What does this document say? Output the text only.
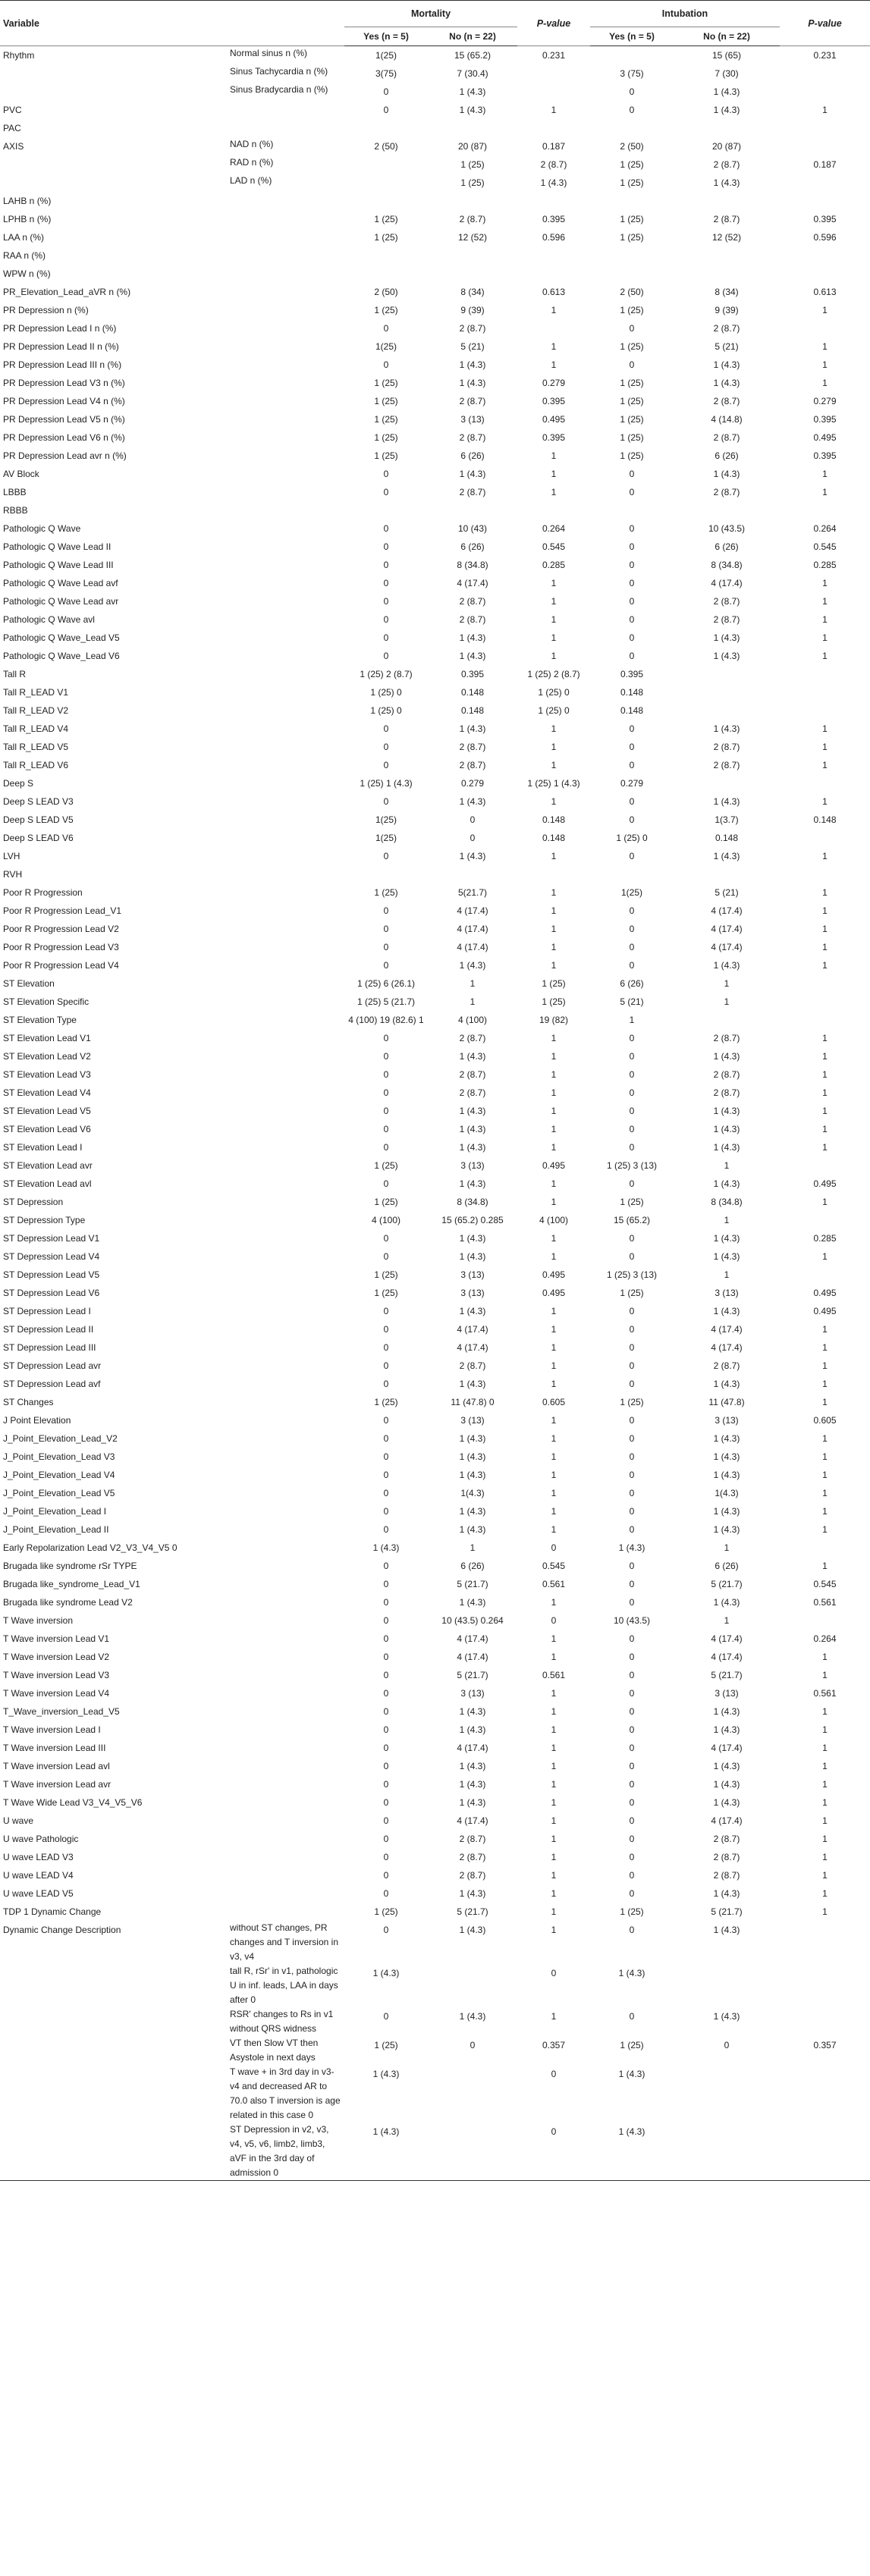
Variable		Mortality		P-value	Intubation		P-value
		Yes (n = 5)	No (n = 22)		Yes (n = 5)	No (n = 22)	
Rhythm	Normal sinus n (%)	1(25)	15 (65.2)	0.231		15 (65)	0.231
	Sinus Tachycardia n (%)	3(75)	7 (30.4)		3 (75)	7 (30)	
	Sinus Bradycardia n (%)	0	1 (4.3)		0	1 (4.3)	
PVC		0	1 (4.3)	1	0	1 (4.3)	1
PAC							
AXIS	NAD n (%)	2 (50)	20 (87)	0.187	2 (50)	20 (87)	
	RAD n (%)		1 (25)	2 (8.7)	1 (25)	2 (8.7)	0.187
	LAD n (%)		1 (25)	1 (4.3)	1 (25)	1 (4.3)	
LAHB n (%)							
LPHB n (%)		1 (25)	2 (8.7)	0.395	1 (25)	2 (8.7)	0.395
LAA n (%)		1 (25)	12 (52)	0.596	1 (25)	12 (52)	0.596
RAA n (%)							
WPW n (%)							
PR_Elevation_Lead_aVR n (%)		2 (50)	8 (34)	0.613	2 (50)	8 (34)	0.613
PR Depression n (%)		1 (25)	9 (39)	1	1 (25)	9 (39)	1
PR Depression Lead I n (%)		0	2 (8.7)		0	2 (8.7)	
PR Depression Lead II n (%)		1(25)	5 (21)	1	1 (25)	5 (21)	1
PR Depression Lead III n (%)		0	1 (4.3)	1	0	1 (4.3)	1
PR Depression Lead V3 n (%)		1 (25)	1 (4.3)	0.279	1 (25)	1 (4.3)	1
PR Depression Lead V4 n (%)		1 (25)	2 (8.7)	0.395	1 (25)	2 (8.7)	0.279
PR Depression Lead V5 n (%)		1 (25)	3 (13)	0.495	1 (25)	4 (14.8)	0.395
PR Depression Lead V6 n (%)		1 (25)	2 (8.7)	0.395	1 (25)	2 (8.7)	0.495
PR Depression Lead avr n (%)		1 (25)	6 (26)	1	1 (25)	6 (26)	0.395
AV Block		0	1 (4.3)	1	0	1 (4.3)	1
LBBB		0	2 (8.7)	1	0	2 (8.7)	1
RBBB							
Pathologic Q Wave		0	10 (43)	0.264	0	10 (43.5)	0.264
Pathologic Q Wave Lead II		0	6 (26)	0.545	0	6 (26)	0.545
Pathologic Q Wave Lead III		0	8 (34.8)	0.285	0	8 (34.8)	0.285
Pathologic Q Wave Lead avf		0	4 (17.4)	1	0	4 (17.4)	1
Pathologic Q Wave Lead avr		0	2 (8.7)	1	0	2 (8.7)	1
Pathologic Q Wave avl		0	2 (8.7)	1	0	2 (8.7)	1
Pathologic Q Wave_Lead V5		0	1 (4.3)	1	0	1 (4.3)	1
Pathologic Q Wave_Lead V6		0	1 (4.3)	1	0	1 (4.3)	1
Tall R		1 (25) 2 (8.7)	0.395	1 (25) 2 (8.7)	0.395		
Tall R_LEAD V1		1 (25) 0	0.148	1 (25) 0	0.148		
Tall R_LEAD V2		1 (25) 0	0.148	1 (25) 0	0.148		
Tall R_LEAD V4		0	1 (4.3)	1	0	1 (4.3)	1
Tall R_LEAD V5		0	2 (8.7)	1	0	2 (8.7)	1
Tall R_LEAD V6		0	2 (8.7)	1	0	2 (8.7)	1
Deep S		1 (25) 1 (4.3)	0.279	1 (25) 1 (4.3)	0.279		
Deep S LEAD V3		0	1 (4.3)	1	0	1 (4.3)	1
Deep S LEAD V5		1(25)	0	0.148	0	1(3.7)	0.148
Deep S LEAD V6		1(25)	0	0.148	1 (25) 0	0.148	
LVH		0	1 (4.3)	1	0	1 (4.3)	1
RVH							
Poor R Progression		1 (25)	5(21.7)	1	1(25)	5 (21)	1
Poor R Progression Lead_V1		0	4 (17.4)	1	0	4 (17.4)	1
Poor R Progression Lead V2		0	4 (17.4)	1	0	4 (17.4)	1
Poor R Progression Lead V3		0	4 (17.4)	1	0	4 (17.4)	1
Poor R Progression Lead V4		0	1 (4.3)	1	0	1 (4.3)	1
ST Elevation		1 (25) 6 (26.1)	1	1 (25)	6 (26)	1	
ST Elevation Specific		1 (25) 5 (21.7)	1	1 (25)	5 (21)	1	
ST Elevation Type		4 (100) 19 (82.6) 1	4 (100)	19 (82)	1		
ST Elevation Lead V1		0	2 (8.7)	1	0	2 (8.7)	1
ST Elevation Lead V2		0	1 (4.3)	1	0	1 (4.3)	1
ST Elevation Lead V3		0	2 (8.7)	1	0	2 (8.7)	1
ST Elevation Lead V4		0	2 (8.7)	1	0	2 (8.7)	1
ST Elevation Lead V5		0	1 (4.3)	1	0	1 (4.3)	1
ST Elevation Lead V6		0	1 (4.3)	1	0	1 (4.3)	1
ST Elevation Lead I		0	1 (4.3)	1	0	1 (4.3)	1
ST Elevation Lead avr		1 (25)	3 (13)	0.495	1 (25) 3 (13)	1	
ST Elevation Lead avl		0	1 (4.3)	1	0	1 (4.3)	0.495
ST Depression		1 (25)	8 (34.8)	1	1 (25)	8 (34.8)	1
ST Depression Type		4 (100)	15 (65.2) 0.285	4 (100)	15 (65.2)	1	
ST Depression Lead V1		0	1 (4.3)	1	0	1 (4.3)	0.285
ST Depression Lead V4		0	1 (4.3)	1	0	1 (4.3)	1
ST Depression Lead V5		1 (25)	3 (13)	0.495	1 (25) 3 (13)	1	
ST Depression Lead V6		1 (25)	3 (13)	0.495	1 (25)	3 (13)	0.495
ST Depression Lead I		0	1 (4.3)	1	0	1 (4.3)	0.495
ST Depression Lead II		0	4 (17.4)	1	0	4 (17.4)	1
ST Depression Lead III		0	4 (17.4)	1	0	4 (17.4)	1
ST Depression Lead avr		0	2 (8.7)	1	0	2 (8.7)	1
ST Depression Lead avf		0	1 (4.3)	1	0	1 (4.3)	1
ST Changes		1 (25)	11 (47.8) 0	0.605	1 (25)	11 (47.8)	1
J Point Elevation		0	3 (13)	1	0	3 (13)	0.605
J_Point_Elevation_Lead_V2		0	1 (4.3)	1	0	1 (4.3)	1
J_Point_Elevation_Lead V3		0	1 (4.3)	1	0	1 (4.3)	1
J_Point_Elevation_Lead V4		0	1 (4.3)	1	0	1 (4.3)	1
J_Point_Elevation_Lead V5		0	1(4.3)	1	0	1(4.3)	1
J_Point_Elevation_Lead I		0	1 (4.3)	1	0	1 (4.3)	1
J_Point_Elevation_Lead II		0	1 (4.3)	1	0	1 (4.3)	1
Early Repolarization Lead V2_V3_V4_V5 0		1 (4.3)	1	0	1 (4.3)	1	
Brugada like syndrome rSr TYPE		0	6 (26)	0.545	0	6 (26)	1
Brugada like_syndrome_Lead_V1		0	5 (21.7)	0.561	0	5 (21.7)	0.545
Brugada like syndrome Lead V2		0	1 (4.3)	1	0	1 (4.3)	0.561
T Wave inversion		0	10 (43.5) 0.264	0	10 (43.5)	1	
T Wave inversion Lead V1		0	4 (17.4)	1	0	4 (17.4)	0.264
T Wave inversion Lead V2		0	4 (17.4)	1	0	4 (17.4)	1
T Wave inversion Lead V3		0	5 (21.7)	0.561	0	5 (21.7)	1
T Wave inversion Lead V4		0	3 (13)	1	0	3 (13)	0.561
T_Wave_inversion_Lead_V5		0	1 (4.3)	1	0	1 (4.3)	1
T Wave inversion Lead I		0	1 (4.3)	1	0	1 (4.3)	1
T Wave inversion Lead III		0	4 (17.4)	1	0	4 (17.4)	1
T Wave inversion Lead avl		0	1 (4.3)	1	0	1 (4.3)	1
T Wave inversion Lead avr		0	1 (4.3)	1	0	1 (4.3)	1
T Wave Wide Lead V3_V4_V5_V6		0	1 (4.3)	1	0	1 (4.3)	1
U wave		0	4 (17.4)	1	0	4 (17.4)	1
U wave Pathologic		0	2 (8.7)	1	0	2 (8.7)	1
U wave LEAD V3		0	2 (8.7)	1	0	2 (8.7)	1
U wave LEAD V4		0	2 (8.7)	1	0	2 (8.7)	1
U wave LEAD V5		0	1 (4.3)	1	0	1 (4.3)	1
TDP 1 Dynamic Change		1 (25)	5 (21.7)	1	1 (25)	5 (21.7)	1
Dynamic Change Description	without ST changes, PR changes and T inversion in v3, v4	0	1 (4.3)	1	0	1 (4.3)	
	tall R, rSr' in v1, pathologic U in inf. leads, LAA in days after 0	1 (4.3)		0	1 (4.3)		
	RSR' changes to Rs in v1 without QRS widness	0	1 (4.3)	1	0	1 (4.3)	
	VT then Slow VT then Asystole in next days	1 (25)	0	0.357	1 (25)	0	0.357
	T wave + in 3rd day in v3-v4 and decreased AR to 70.0 also T inversion is age related in this case 0	1 (4.3)		0	1 (4.3)		
	ST Depression in v2, v3, v4, v5, v6, limb2, limb3, aVF in the 3rd day of admission 0	1 (4.3)		0	1 (4.3)		
